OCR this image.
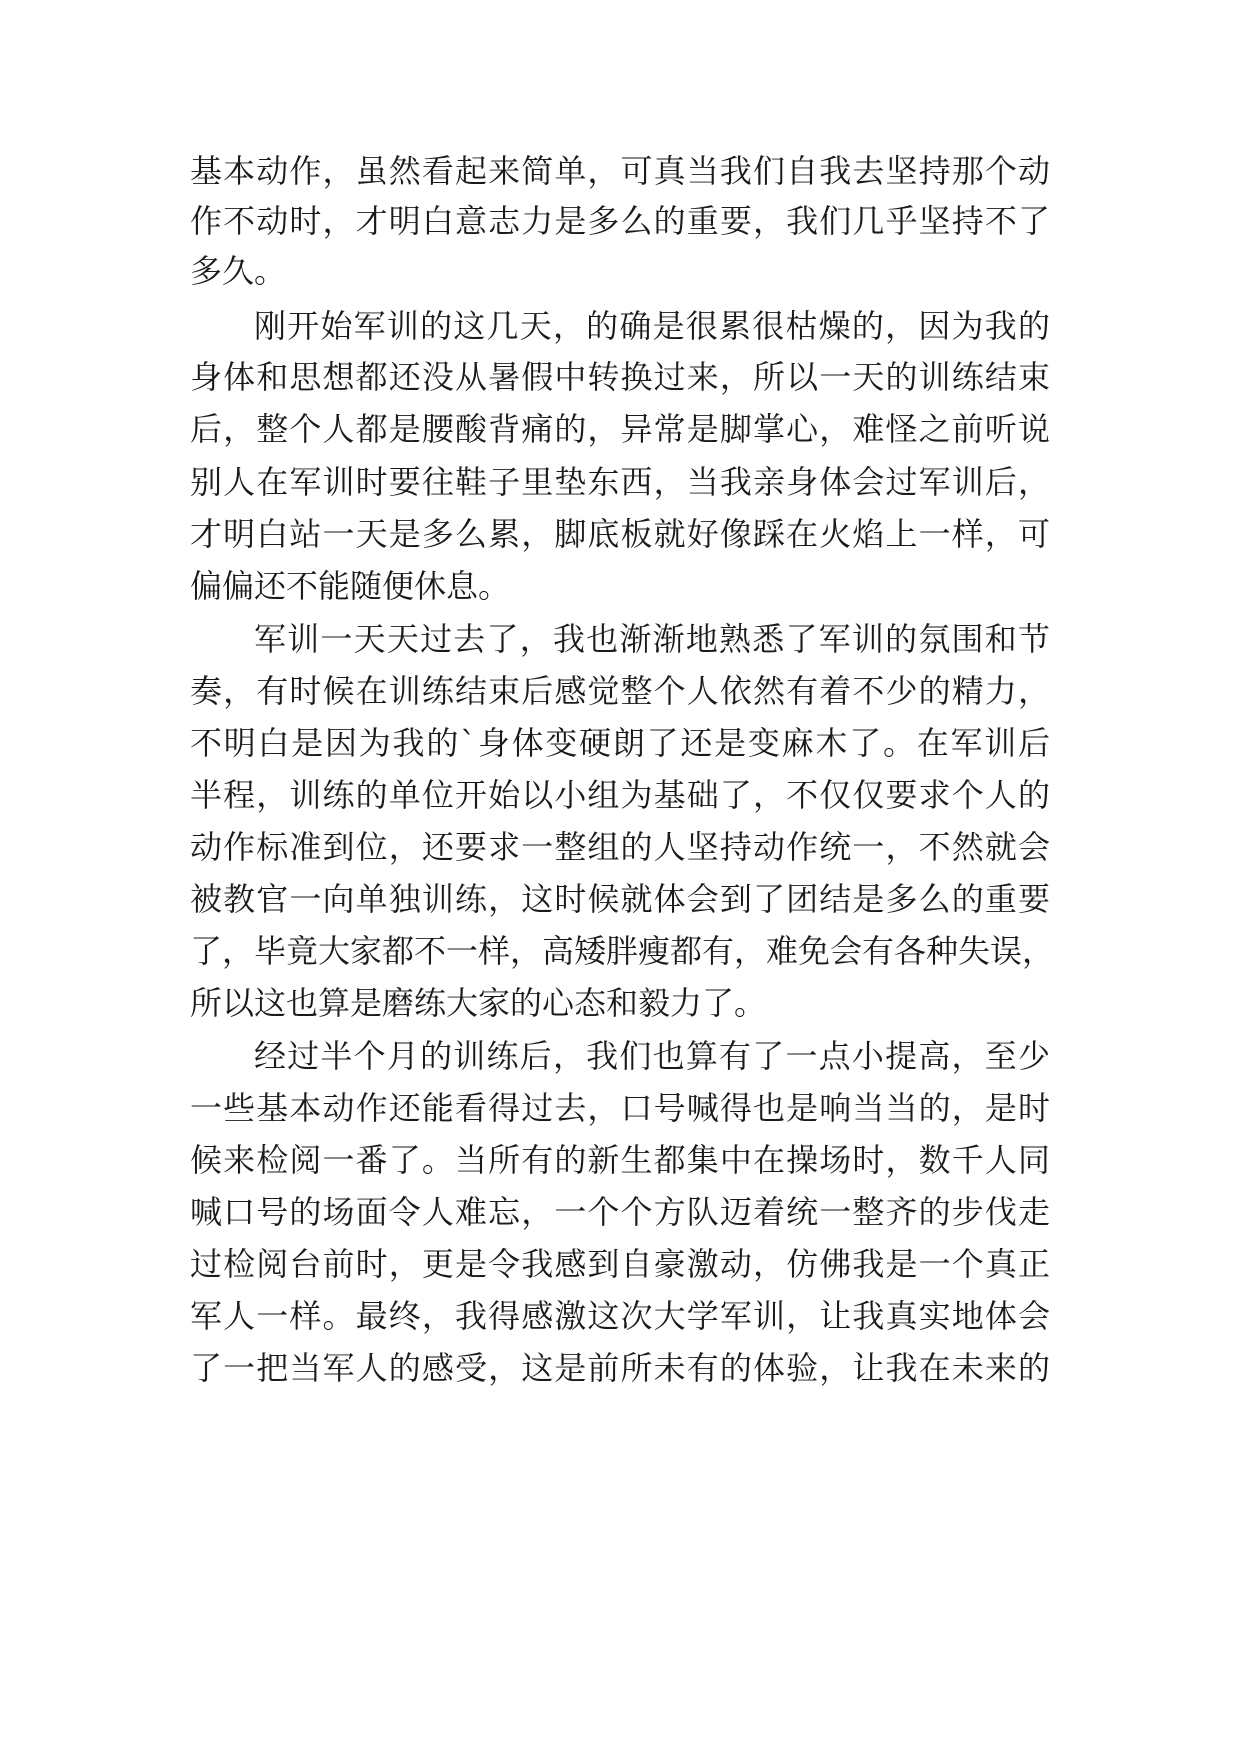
基本动作，虽然看起来简单，可真当我们自我去坚持那个动
作不动时，才明白意志力是多么的重要，我们几乎坚持不了
多久。
刚开始军训的这几天，的确是很累很枯燥的，因为我的
身体和思想都还没从暑假中转换过来，所以一天的训练结束
后，整个人都是腰酸背痛的，异常是脚掌心，难怪之前听说
别人在军训时要往鞋子里垫东西，当我亲身体会过军训后，
才明白站一天是多么累，脚底板就好像踩在火焰上一样，可
偏偏还不能随便休息。
军训一天天过去了，我也渐渐地熟悉了军训的氛围和节
奏，有时候在训练结束后感觉整个人依然有着不少的精力，
不明白是因为我的`身体变硬朗了还是变麻木了。在军训后
半程，训练的单位开始以小组为基础了，不仅仅要求个人的
动作标准到位，还要求一整组的人坚持动作统一，不然就会
被教官一向单独训练，这时候就体会到了团结是多么的重要
了，毕竟大家都不一样，高矮胖瘦都有，难免会有各种失误，
所以这也算是磨练大家的心态和毅力了。
经过半个月的训练后，我们也算有了一点小提高，至少
一些基本动作还能看得过去，口号喊得也是响当当的，是时
候来检阅一番了。当所有的新生都集中在操场时，数千人同
喊口号的场面令人难忘，一个个方队迈着统一整齐的步伐走
过检阅台前时，更是令我感到自豪激动，仿佛我是一个真正
军人一样。最终，我得感激这次大学军训，让我真实地体会
了一把当军人的感受，这是前所未有的体验，让我在未来的
